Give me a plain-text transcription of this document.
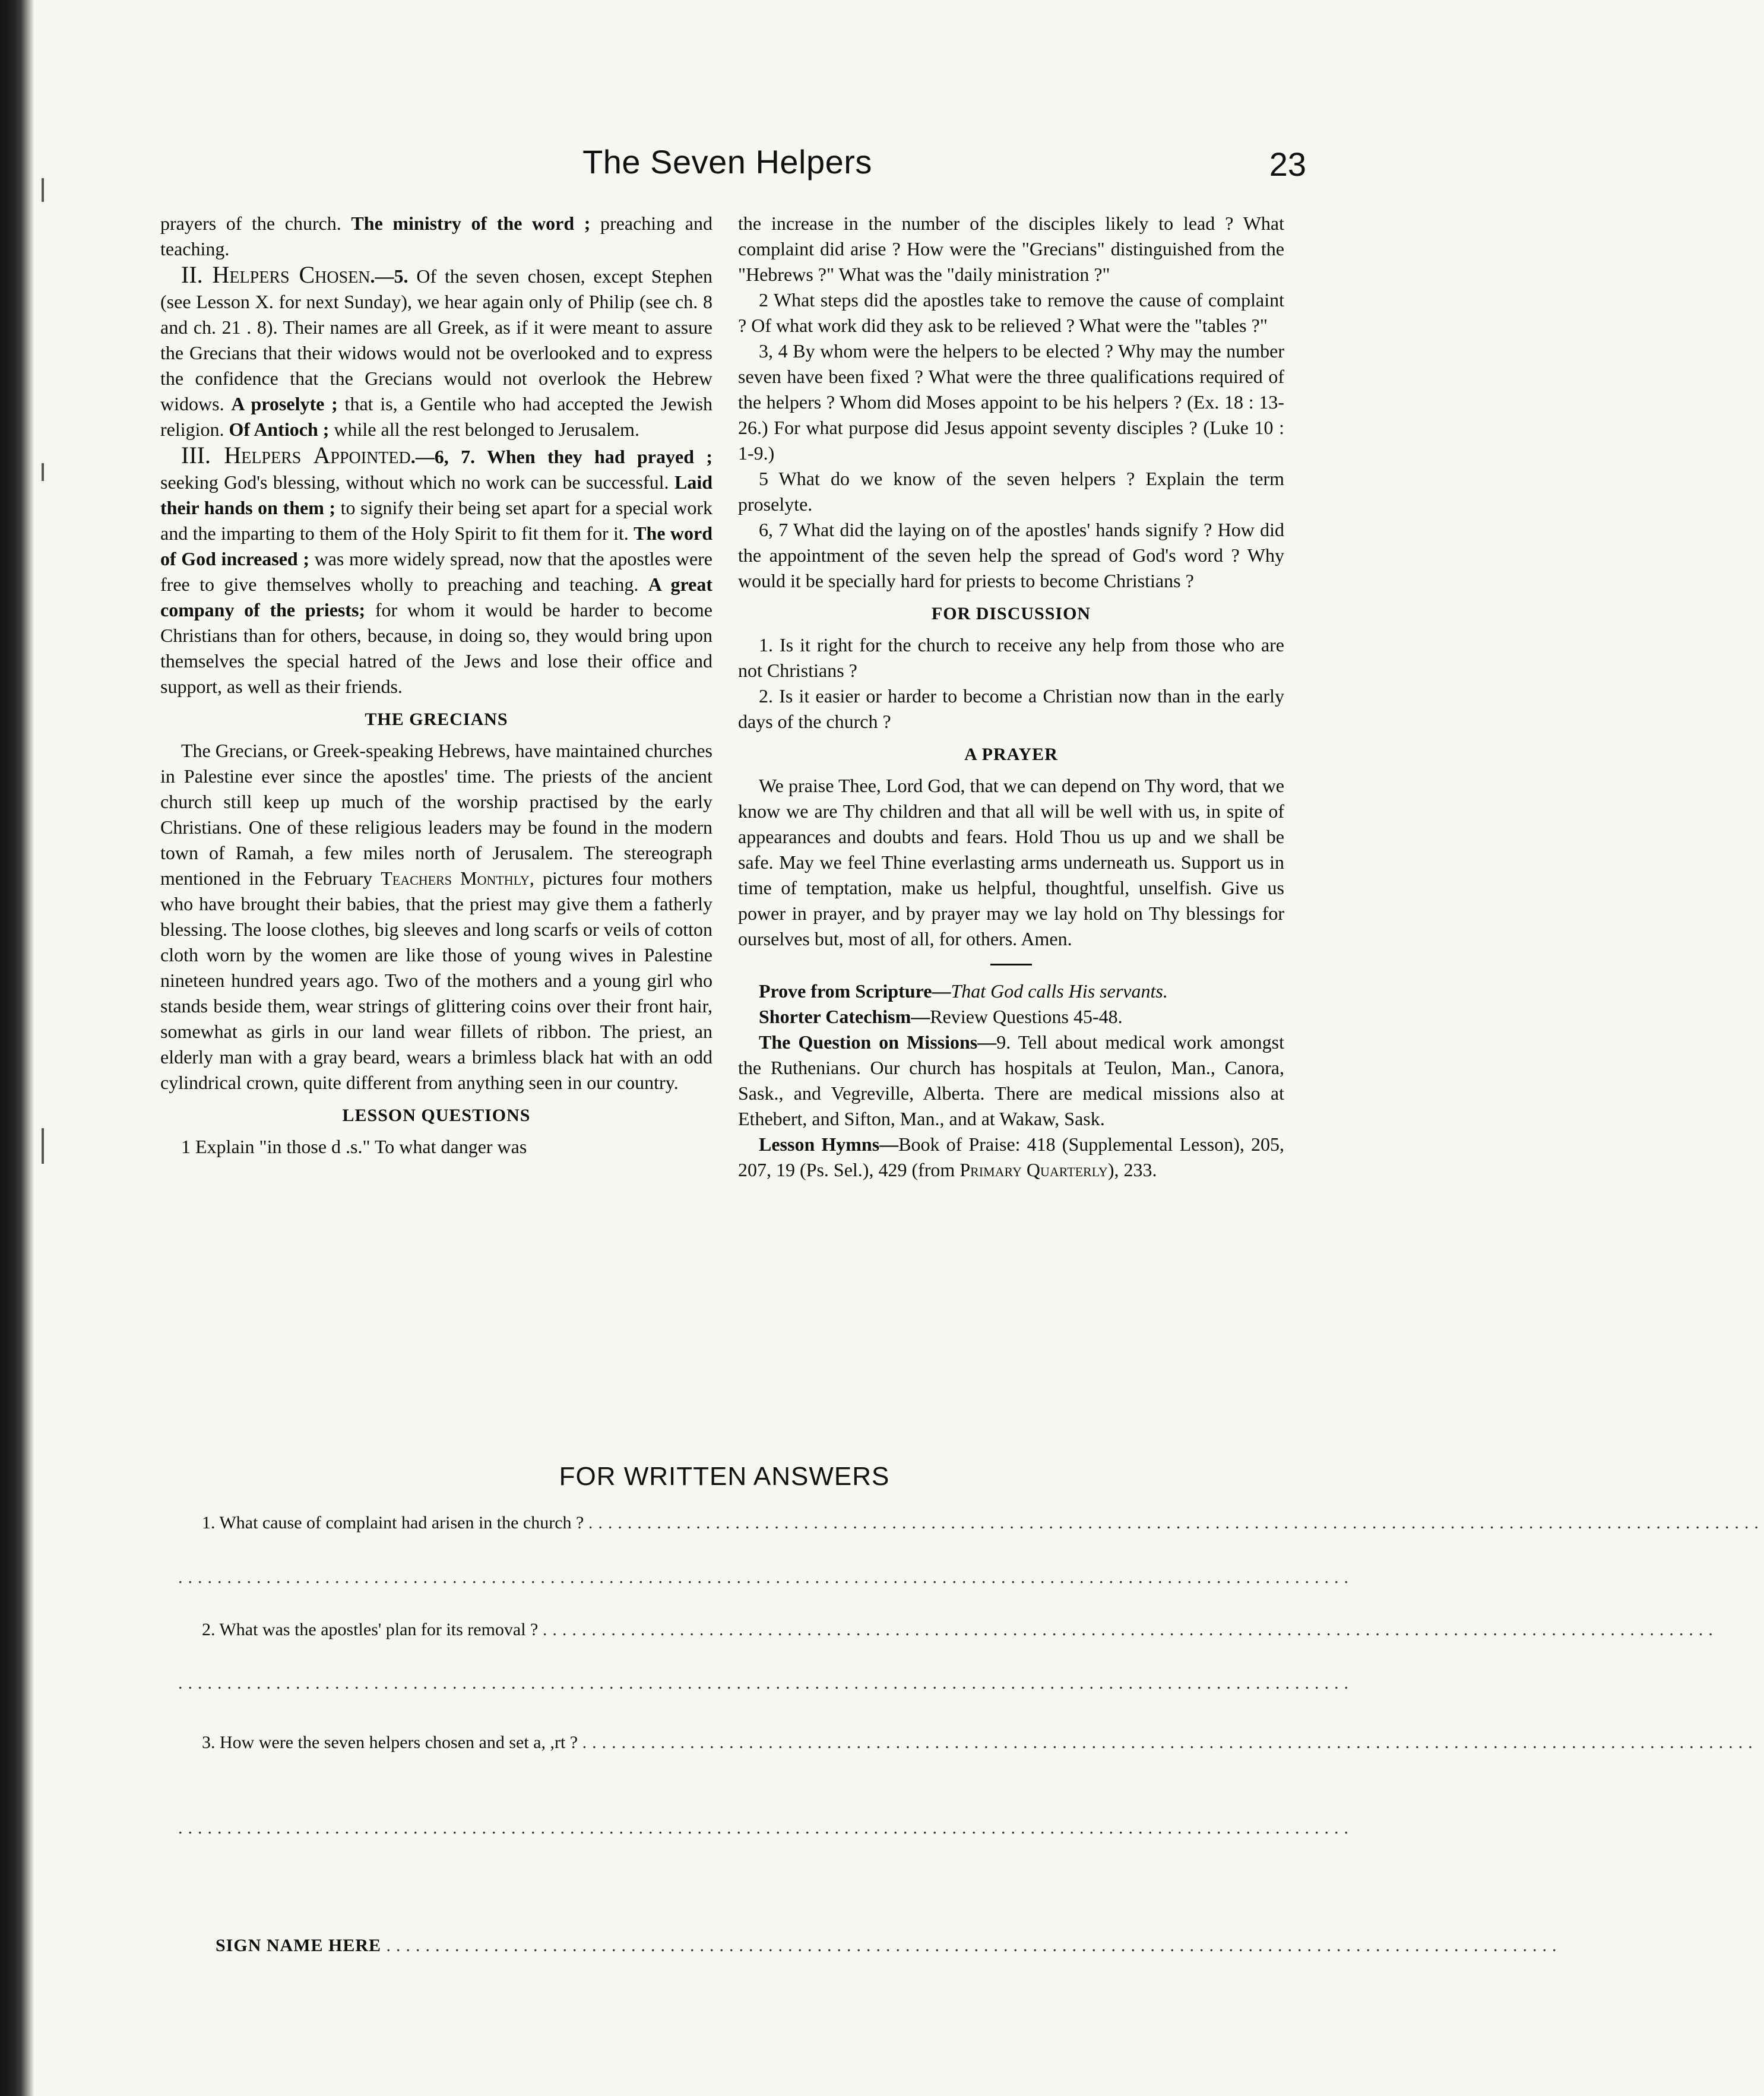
The Seven Helpers	23

prayers of the church. The ministry of the word ; preaching and teaching.

II. Helpers Chosen.—5. Of the seven chosen, except Stephen (see Lesson X. for next Sunday), we hear again only of Philip (see ch. 8 and ch. 21 . 8). Their names are all Greek, as if it were meant to assure the Grecians that their widows would not be overlooked and to express the confidence that the Grecians would not overlook the Hebrew widows. A proselyte ; that is, a Gentile who had accepted the Jewish religion. Of Antioch ; while all the rest belonged to Jerusalem.

III. Helpers Appointed.—6, 7. When they had prayed ; seeking God's blessing, without which no work can be successful. Laid their hands on them ; to signify their being set apart for a special work and the imparting to them of the Holy Spirit to fit them for it. The word of God increased ; was more widely spread, now that the apostles were free to give themselves wholly to preaching and teaching. A great company of the priests; for whom it would be harder to become Christians than for others, because, in doing so, they would bring upon themselves the special hatred of the Jews and lose their office and support, as well as their friends.

THE GRECIANS

The Grecians, or Greek-speaking Hebrews, have maintained churches in Palestine ever since the apostles' time. The priests of the ancient church still keep up much of the worship practised by the early Christians. One of these religious leaders may be found in the modern town of Ramah, a few miles north of Jerusalem. The stereograph mentioned in the February Teachers Monthly, pictures four mothers who have brought their babies, that the priest may give them a fatherly blessing. The loose clothes, big sleeves and long scarfs or veils of cotton cloth worn by the women are like those of young wives in Palestine nineteen hundred years ago. Two of the mothers and a young girl who stands beside them, wear strings of glittering coins over their front hair, somewhat as girls in our land wear fillets of ribbon. The priest, an elderly man with a gray beard, wears a brimless black hat with an odd cylindrical crown, quite different from anything seen in our country.

LESSON QUESTIONS

1 Explain "in those d .s." To what danger was

the increase in the number of the disciples likely to lead ? What complaint did arise ? How were the "Grecians" distinguished from the "Hebrews ?" What was the "daily ministration ?"

2 What steps did the apostles take to remove the cause of complaint ? Of what work did they ask to be relieved ? What were the "tables ?"

3, 4 By whom were the helpers to be elected ? Why may the number seven have been fixed ? What were the three qualifications required of the helpers ? Whom did Moses appoint to be his helpers ? (Ex. 18 : 13-26.) For what purpose did Jesus appoint seventy disciples ? (Luke 10 : 1-9.)

5 What do we know of the seven helpers ? Explain the term proselyte.

6, 7 What did the laying on of the apostles' hands signify ? How did the appointment of the seven help the spread of God's word ? Why would it be specially hard for priests to become Christians ?

FOR DISCUSSION

1. Is it right for the church to receive any help from those who are not Christians ?

2. Is it easier or harder to become a Christian now than in the early days of the church ?

A PRAYER

We praise Thee, Lord God, that we can depend on Thy word, that we know we are Thy children and that all will be well with us, in spite of appearances and doubts and fears. Hold Thou us up and we shall be safe. May we feel Thine everlasting arms underneath us. Support us in time of temptation, make us helpful, thoughtful, unselfish. Give us power in prayer, and by prayer may we lay hold on Thy blessings for ourselves but, most of all, for others. Amen.

Prove from Scripture—That God calls His servants.

Shorter Catechism—Review Questions 45-48.

The Question on Missions—9. Tell about medical work amongst the Ruthenians. Our church has hospitals at Teulon, Man., Canora, Sask., and Vegreville, Alberta. There are medical missions also at Ethebert, and Sifton, Man., and at Wakaw, Sask.

Lesson Hymns—Book of Praise: 418 (Supplemental Lesson), 205, 207, 19 (Ps. Sel.), 429 (from Primary Quarterly), 233.

FOR WRITTEN ANSWERS
1. What cause of complaint had arisen in the church ? ........................................................................................................................
........................................................................................................................
2. What was the apostles' plan for its removal ? ........................................................................................................................
........................................................................................................................
3. How were the seven helpers chosen and set a, ,rt ? ........................................................................................................................
........................................................................................................................
SIGN NAME HERE ........................................................................................................................
